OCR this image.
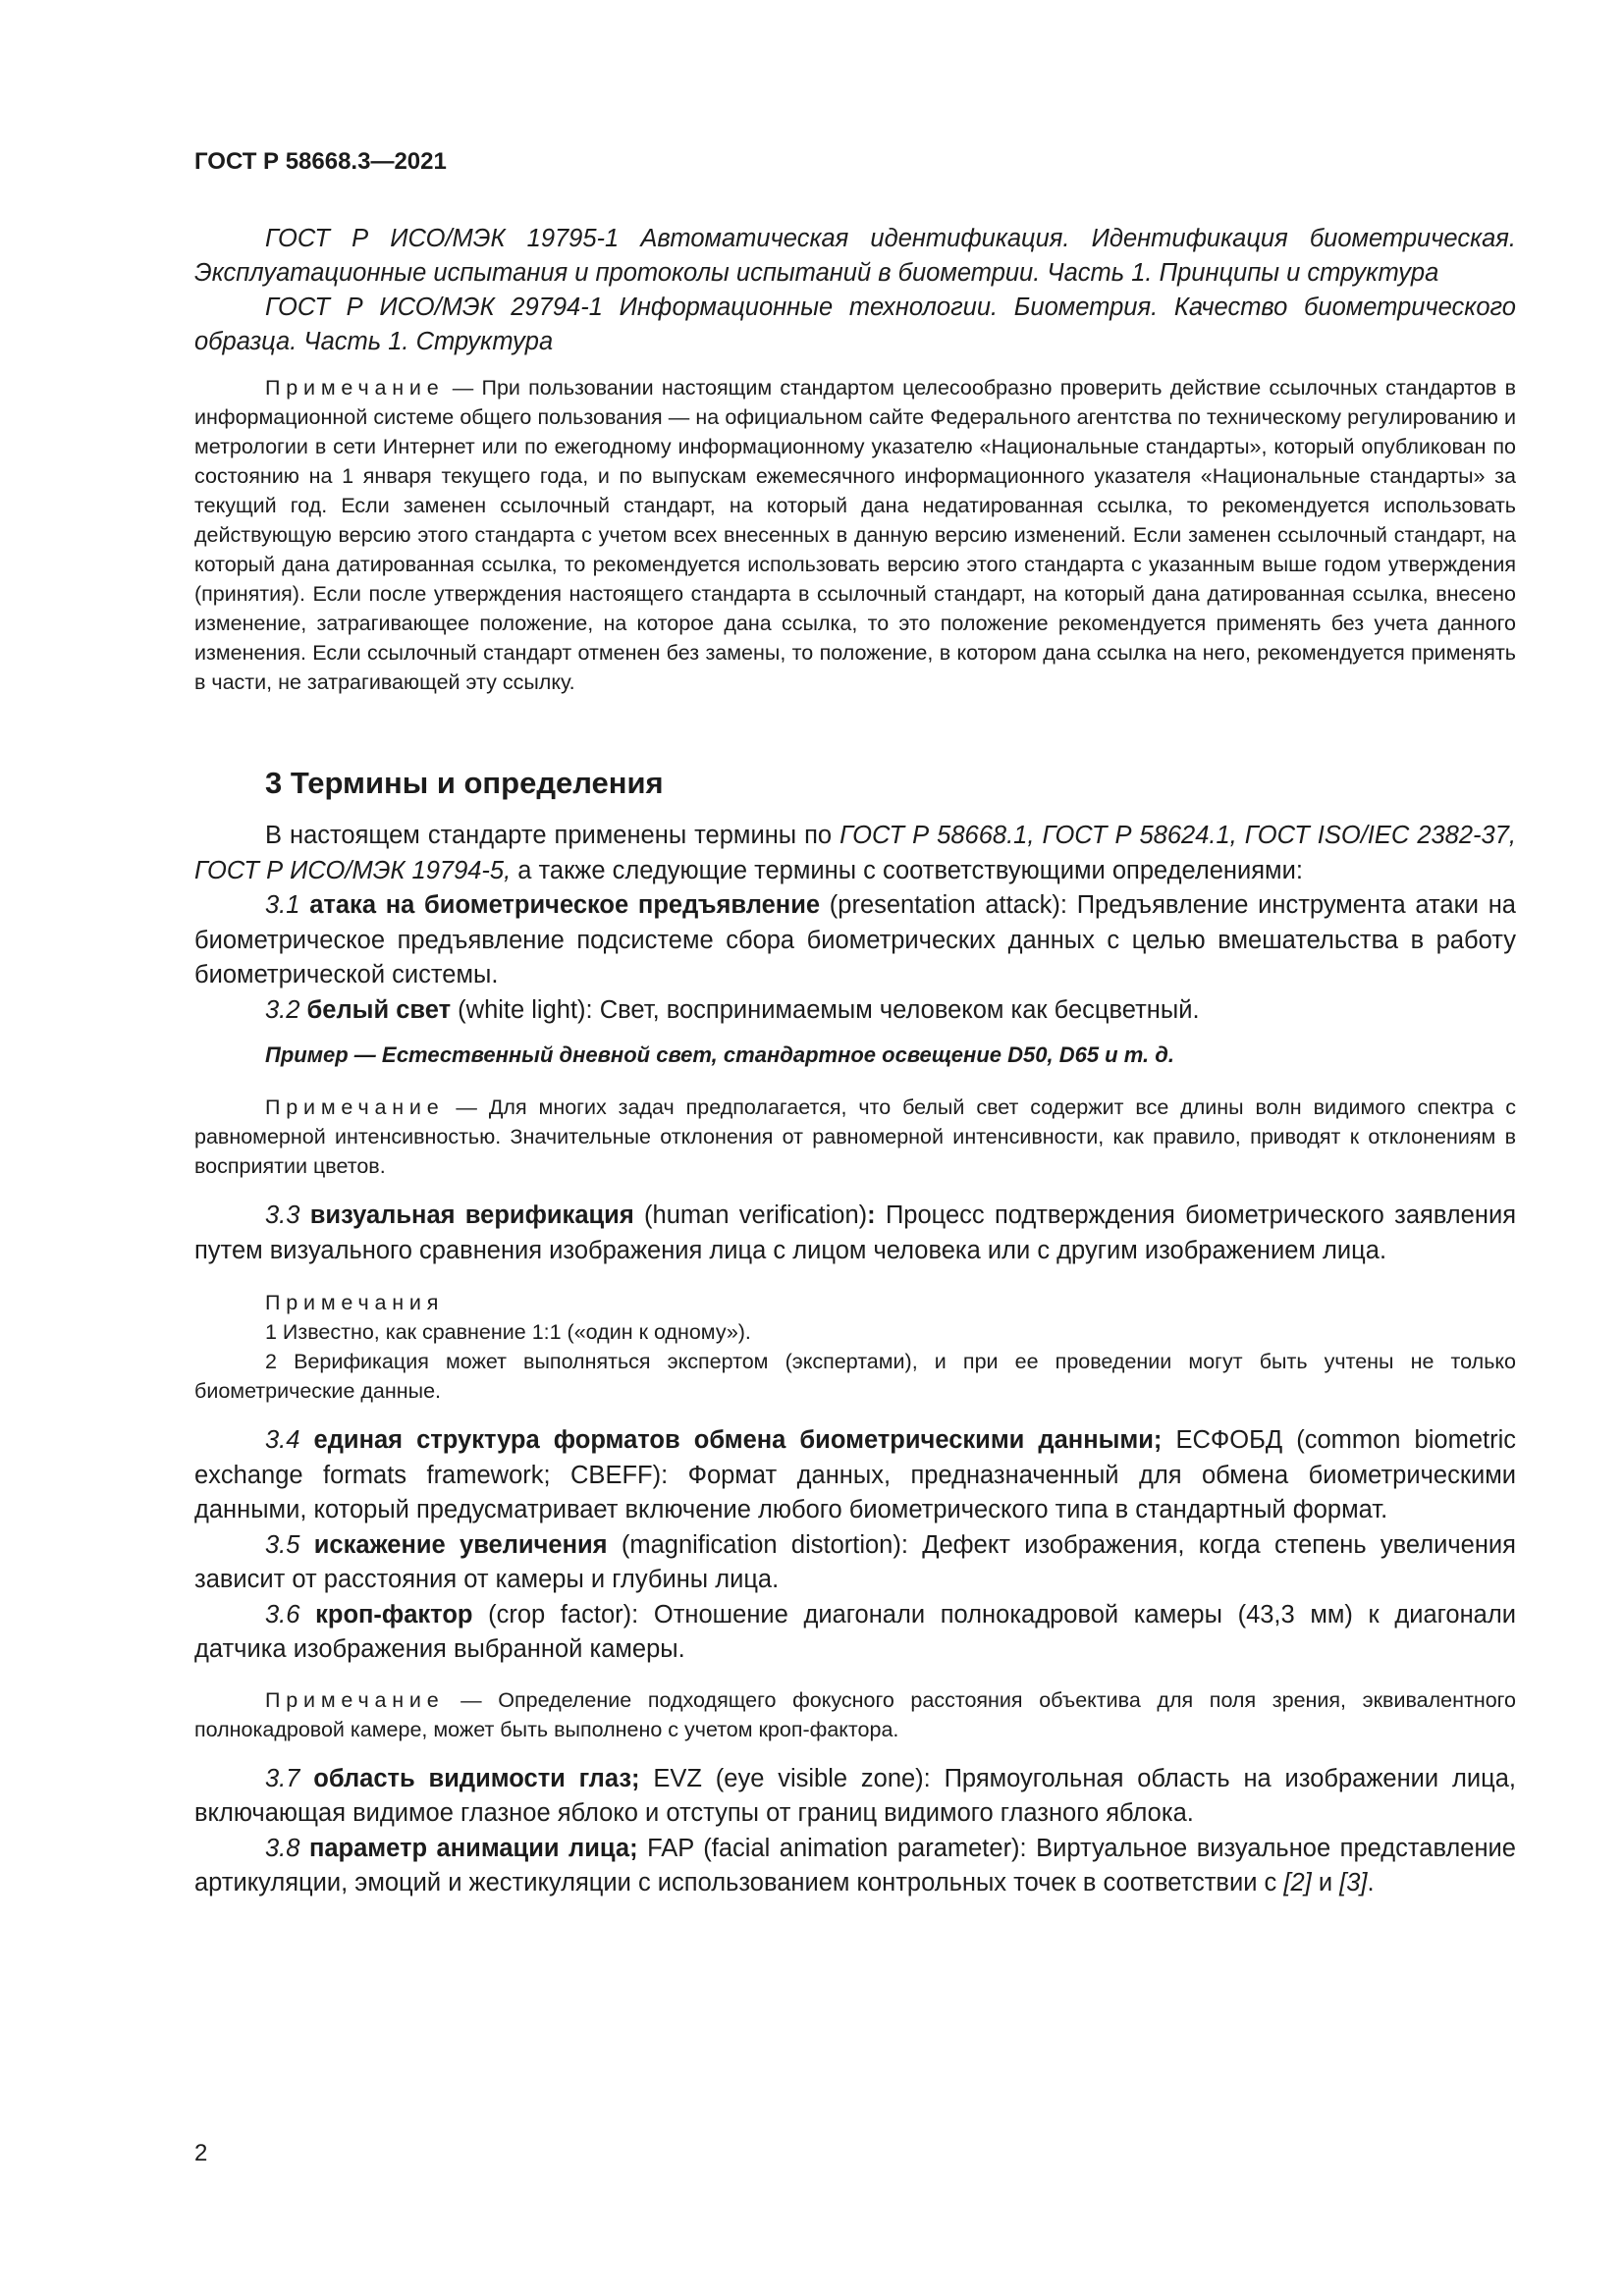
ГОСТ Р 58668.3—2021

ГОСТ Р ИСО/МЭК 19795-1 Автоматическая идентификация. Идентификация биометрическая. Эксплуатационные испытания и протоколы испытаний в биометрии. Часть 1. Принципы и структура

ГОСТ Р ИСО/МЭК 29794-1 Информационные технологии. Биометрия. Качество биометрического образца. Часть 1. Структура

Примечание — При пользовании настоящим стандартом целесообразно проверить действие ссылочных стандартов в информационной системе общего пользования — на официальном сайте Федерального агентства по техническому регулированию и метрологии в сети Интернет или по ежегодному информационному указателю «Национальные стандарты», который опубликован по состоянию на 1 января текущего года, и по выпускам ежемесячного информационного указателя «Национальные стандарты» за текущий год. Если заменен ссылочный стандарт, на который дана недатированная ссылка, то рекомендуется использовать действующую версию этого стандарта с учетом всех внесенных в данную версию изменений. Если заменен ссылочный стандарт, на который дана датированная ссылка, то рекомендуется использовать версию этого стандарта с указанным выше годом утверждения (принятия). Если после утверждения настоящего стандарта в ссылочный стандарт, на который дана датированная ссылка, внесено изменение, затрагивающее положение, на которое дана ссылка, то это положение рекомендуется применять без учета данного изменения. Если ссылочный стандарт отменен без замены, то положение, в котором дана ссылка на него, рекомендуется применять в части, не затрагивающей эту ссылку.

3 Термины и определения

В настоящем стандарте применены термины по ГОСТ Р 58668.1, ГОСТ Р 58624.1, ГОСТ ISO/IEC 2382-37, ГОСТ Р ИСО/МЭК 19794-5, а также следующие термины с соответствующими определениями:

3.1 атака на биометрическое предъявление (presentation attack): Предъявление инструмента атаки на биометрическое предъявление подсистеме сбора биометрических данных с целью вмешательства в работу биометрической системы.

3.2 белый свет (white light): Свет, воспринимаемым человеком как бесцветный.

Пример — Естественный дневной свет, стандартное освещение D50, D65 и т. д.

Примечание — Для многих задач предполагается, что белый свет содержит все длины волн видимого спектра с равномерной интенсивностью. Значительные отклонения от равномерной интенсивности, как правило, приводят к отклонениям в восприятии цветов.

3.3 визуальная верификация (human verification): Процесс подтверждения биометрического заявления путем визуального сравнения изображения лица с лицом человека или с другим изображением лица.

Примечания

1 Известно, как сравнение 1:1 («один к одному»).

2 Верификация может выполняться экспертом (экспертами), и при ее проведении могут быть учтены не только биометрические данные.

3.4 единая структура форматов обмена биометрическими данными; ЕСФОБД (common biometric exchange formats framework; CBEFF): Формат данных, предназначенный для обмена биометрическими данными, который предусматривает включение любого биометрического типа в стандартный формат.

3.5 искажение увеличения (magnification distortion): Дефект изображения, когда степень увеличения зависит от расстояния от камеры и глубины лица.

3.6 кроп-фактор (crop factor): Отношение диагонали полнокадровой камеры (43,3 мм) к диагонали датчика изображения выбранной камеры.

Примечание — Определение подходящего фокусного расстояния объектива для поля зрения, эквивалентного полнокадровой камере, может быть выполнено с учетом кроп-фактора.

3.7 область видимости глаз; EVZ (eye visible zone): Прямоугольная область на изображении лица, включающая видимое глазное яблоко и отступы от границ видимого глазного яблока.

3.8 параметр анимации лица; FAP (facial animation parameter): Виртуальное визуальное представление артикуляции, эмоций и жестикуляции с использованием контрольных точек в соответствии с [2] и [3].

2
